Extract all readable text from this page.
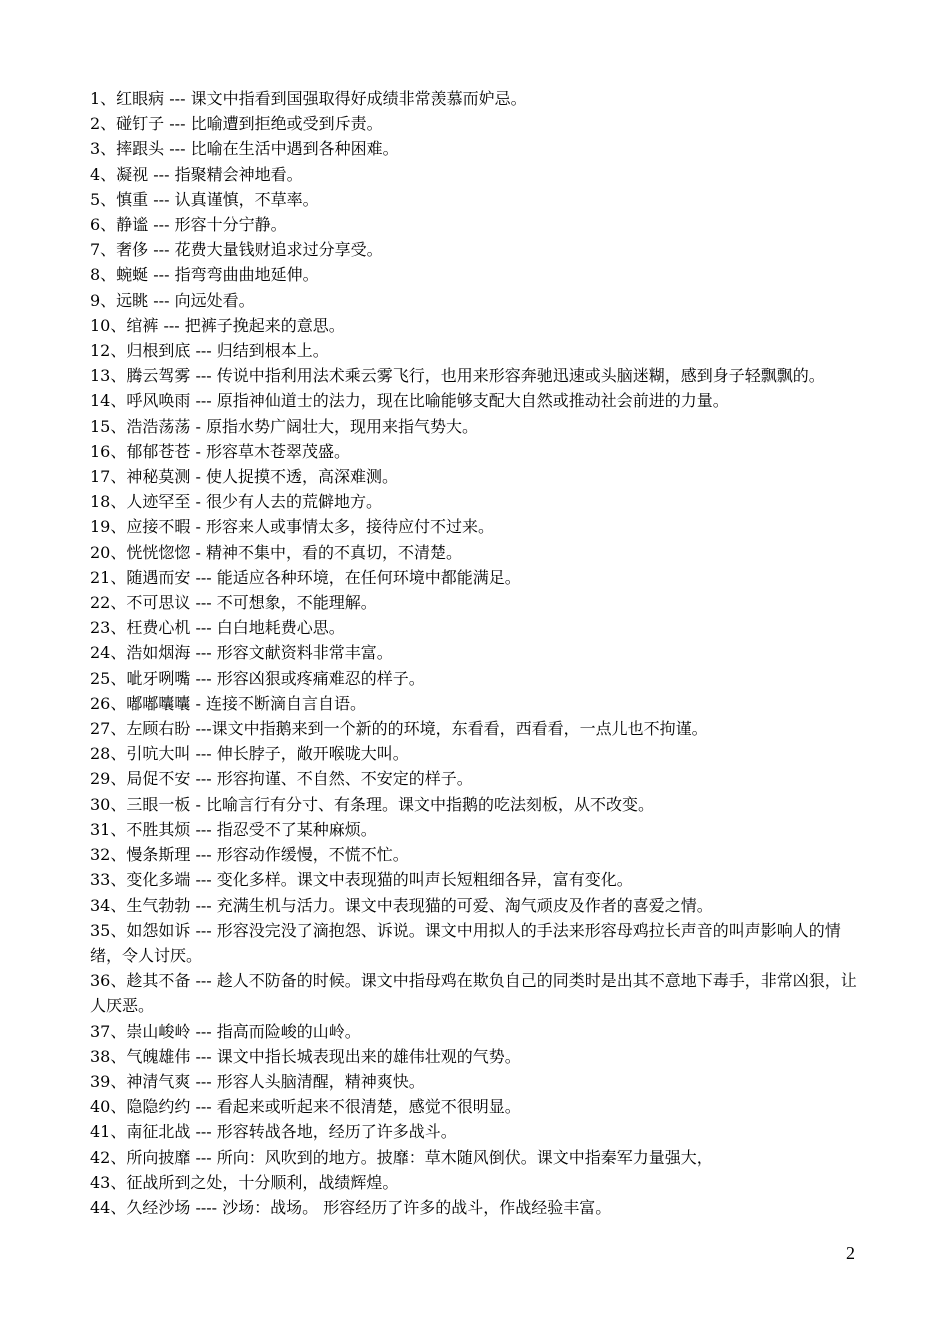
1、红眼病 --- 课文中指看到国强取得好成绩非常羡慕而妒忌。

2、碰钉子 --- 比喻遭到拒绝或受到斥责。

3、摔跟头 --- 比喻在生活中遇到各种困难。

4、凝视 --- 指聚精会神地看。

5、慎重 --- 认真谨慎，不草率。

6、静谧 --- 形容十分宁静。

7、奢侈 --- 花费大量钱财追求过分享受。

8、蜿蜒 --- 指弯弯曲曲地延伸。

9、远眺 --- 向远处看。

10、绾裤 --- 把裤子挽起来的意思。

12、归根到底 --- 归结到根本上。

13、腾云驾雾 --- 传说中指利用法术乘云雾飞行，也用来形容奔驰迅速或头脑迷糊，感到身子轻飘飘的。

14、呼风唤雨 --- 原指神仙道士的法力，现在比喻能够支配大自然或推动社会前进的力量。

15、浩浩荡荡 - 原指水势广阔壮大，现用来指气势大。

16、郁郁苍苍 - 形容草木苍翠茂盛。

17、神秘莫测 - 使人捉摸不透，高深难测。

18、人迹罕至 - 很少有人去的荒僻地方。

19、应接不暇 - 形容来人或事情太多，接待应付不过来。

20、恍恍惚惚 - 精神不集中，看的不真切，不清楚。

21、随遇而安 --- 能适应各种环境，在任何环境中都能满足。

22、不可思议 --- 不可想象，不能理解。

23、枉费心机 --- 白白地耗费心思。

24、浩如烟海 --- 形容文献资料非常丰富。

25、呲牙咧嘴 --- 形容凶狠或疼痛难忍的样子。

26、嘟嘟囔囔 - 连接不断滴自言自语。

27、左顾右盼 ---课文中指鹅来到一个新的的环境，东看看，西看看，一点儿也不拘谨。

28、引吭大叫 --- 伸长脖子，敞开喉咙大叫。

29、局促不安 --- 形容拘谨、不自然、不安定的样子。

30、三眼一板 - 比喻言行有分寸、有条理。课文中指鹅的吃法刻板，从不改变。

31、不胜其烦 --- 指忍受不了某种麻烦。

32、慢条斯理 --- 形容动作缓慢，不慌不忙。

33、变化多端 --- 变化多样。课文中表现猫的叫声长短粗细各异，富有变化。

34、生气勃勃 --- 充满生机与活力。课文中表现猫的可爱、淘气顽皮及作者的喜爱之情。

35、如怨如诉 --- 形容没完没了滴抱怨、诉说。课文中用拟人的手法来形容母鸡拉长声音的叫声影响人的情绪，令人讨厌。

36、趁其不备 --- 趁人不防备的时候。课文中指母鸡在欺负自己的同类时是出其不意地下毒手，非常凶狠，让人厌恶。

37、崇山峻岭 --- 指高而险峻的山岭。

38、气魄雄伟 --- 课文中指长城表现出来的雄伟壮观的气势。

39、神清气爽 --- 形容人头脑清醒，精神爽快。

40、隐隐约约 --- 看起来或听起来不很清楚，感觉不很明显。

41、南征北战 --- 形容转战各地，经历了许多战斗。

42、所向披靡 --- 所向：风吹到的地方。披靡：草木随风倒伏。课文中指秦军力量强大，

43、征战所到之处，十分顺利，战绩辉煌。

44、久经沙场 ---- 沙场：战场。 形容经历了许多的战斗，作战经验丰富。

2
